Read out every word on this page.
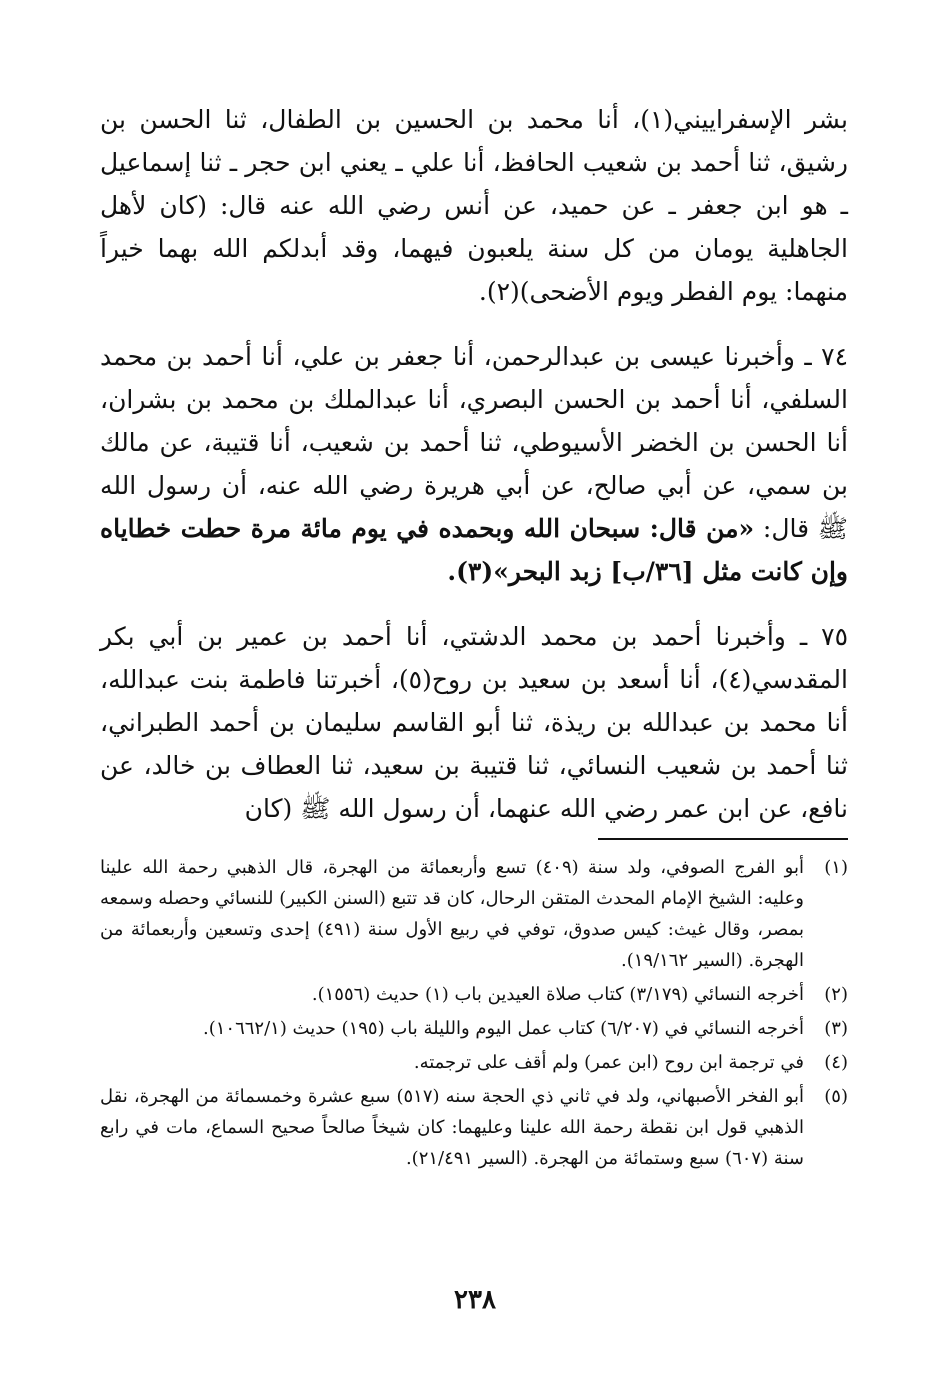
بشر الإسفراييني(١)، أنا محمد بن الحسين بن الطفال، ثنا الحسن بن رشيق، ثنا أحمد بن شعيب الحافظ، أنا علي ـ يعني ابن حجر ـ ثنا إسماعيل ـ هو ابن جعفر ـ عن حميد، عن أنس رضي الله عنه قال: (كان لأهل الجاهلية يومان من كل سنة يلعبون فيهما، وقد أبدلكم الله بهما خيراً منهما: يوم الفطر ويوم الأضحى)(٢).

٧٤ ـ وأخبرنا عيسى بن عبدالرحمن، أنا جعفر بن علي، أنا أحمد بن محمد السلفي، أنا أحمد بن الحسن البصري، أنا عبدالملك بن محمد بن بشران، أنا الحسن بن الخضر الأسيوطي، ثنا أحمد بن شعيب، أنا قتيبة، عن مالك بن سمي، عن أبي صالح، عن أبي هريرة رضي الله عنه، أن رسول الله ﷺ قال: «من قال: سبحان الله وبحمده في يوم مائة مرة حطت خطاياه وإن كانت مثل [٣٦/ب] زبد البحر»(٣).

٧٥ ـ وأخبرنا أحمد بن محمد الدشتي، أنا أحمد بن عمير بن أبي بكر المقدسي(٤)، أنا أسعد بن سعيد بن روح(٥)، أخبرتنا فاطمة بنت عبدالله، أنا محمد بن عبدالله بن ريذة، ثنا أبو القاسم سليمان بن أحمد الطبراني، ثنا أحمد بن شعيب النسائي، ثنا قتيبة بن سعيد، ثنا العطاف بن خالد، عن نافع، عن ابن عمر رضي الله عنهما، أن رسول الله ﷺ (كان

(١)
أبو الفرج الصوفي، ولد سنة (٤٠٩) تسع وأربعمائة من الهجرة، قال الذهبي رحمة الله علينا وعليه: الشيخ الإمام المحدث المتقن الرحال، كان قد تتبع (السنن الكبير) للنسائي وحصله وسمعه بمصر، وقال غيث: كيس صدوق، توفي في ربيع الأول سنة (٤٩١) إحدى وتسعين وأربعمائة من الهجرة. (السير ١٩/١٦٢).
(٢)
أخرجه النسائي (٣/١٧٩) كتاب صلاة العيدين باب (١) حديث (١٥٥٦).
(٣)
أخرجه النسائي في (٦/٢٠٧) كتاب عمل اليوم والليلة باب (١٩٥) حديث (١٠٦٦٢/١).
(٤)
في ترجمة ابن روح (ابن عمر) ولم أقف على ترجمته.
(٥)
أبو الفخر الأصبهاني، ولد في ثاني ذي الحجة سنه (٥١٧) سبع عشرة وخمسمائة من الهجرة، نقل الذهبي قول ابن نقطة رحمة الله علينا وعليهما: كان شيخاً صالحاً صحيح السماع، مات في رابع سنة (٦٠٧) سبع وستمائة من الهجرة. (السير ٢١/٤٩١).
٢٣٨
